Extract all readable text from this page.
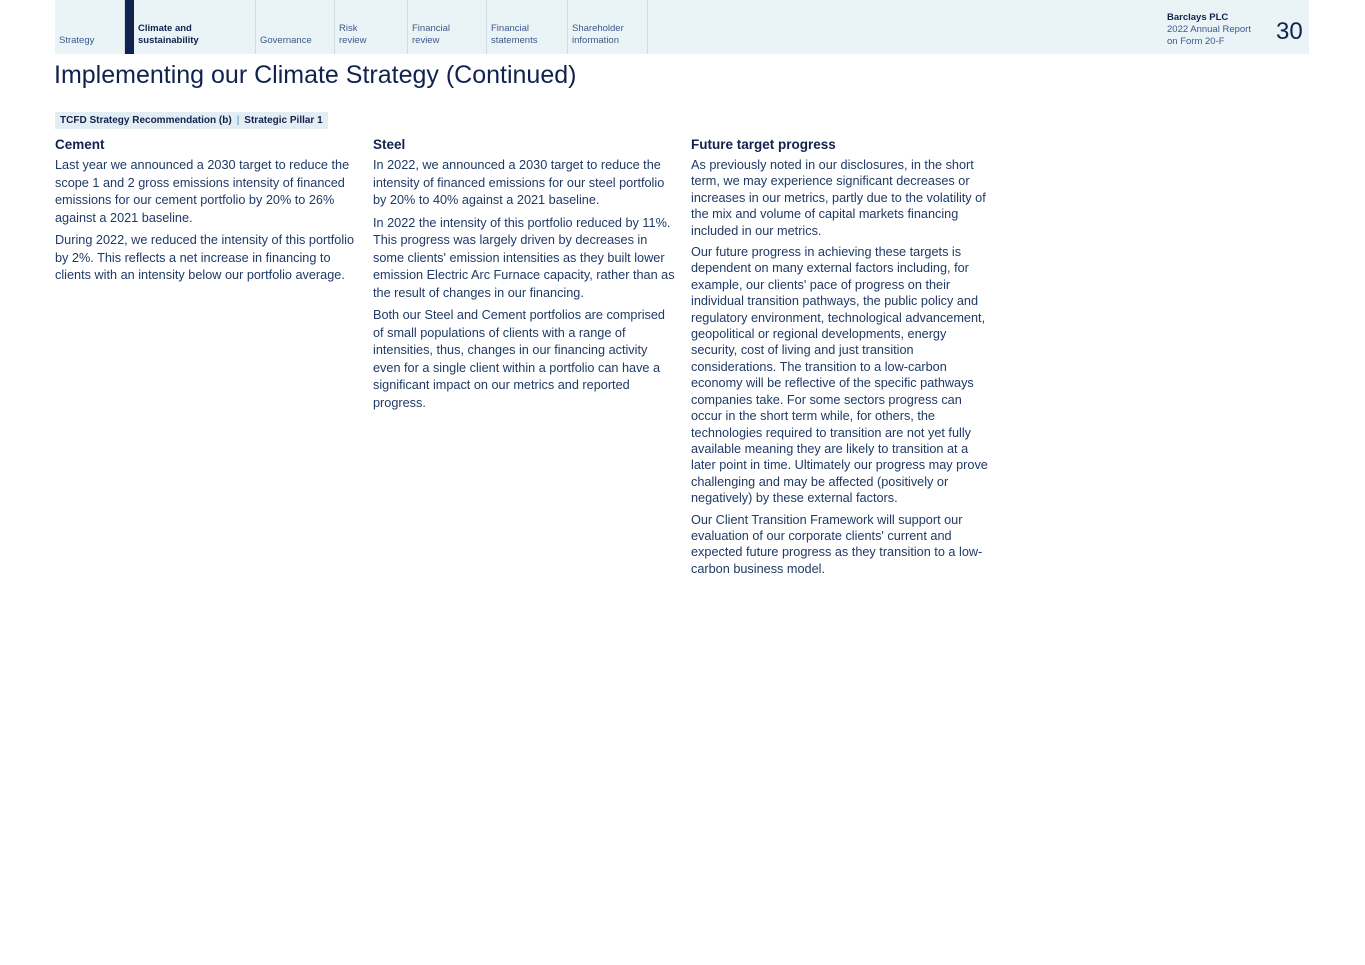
Strategy
Climate and
sustainability	Governance
Risk
review
Financial
review
Financial
statements
Shareholder
information
Barclays PLC
2022 Annual Report
on Form 20-F	30
Implementing our Climate Strategy (Continued)
TCFD Strategy Recommendation (b) | Strategic Pillar 1
Cement

Last year we announced a 2030 target to reduce the scope 1 and 2 gross emissions intensity of financed emissions for our cement portfolio by 20% to 26% against a 2021 baseline.

During 2022, we reduced the intensity of this portfolio by 2%. This reflects a net increase in financing to clients with an intensity below our portfolio average.

Steel

In 2022, we announced a 2030 target to reduce the intensity of financed emissions for our steel portfolio by 20% to 40% against a 2021 baseline.

In 2022 the intensity of this portfolio reduced by 11%. This progress was largely driven by decreases in some clients' emission intensities as they built lower emission Electric Arc Furnace capacity, rather than as the result of changes in our financing.

Both our Steel and Cement portfolios are comprised of small populations of clients with a range of intensities, thus, changes in our financing activity even for a single client within a portfolio can have a significant impact on our metrics and reported progress.

Future target progress

As previously noted in our disclosures, in the short term, we may experience significant decreases or increases in our metrics, partly due to the volatility of the mix and volume of capital markets financing included in our metrics.

Our future progress in achieving these targets is dependent on many external factors including, for example, our clients' pace of progress on their individual transition pathways, the public policy and regulatory environment, technological advancement, geopolitical or regional developments, energy security, cost of living and just transition considerations. The transition to a low-carbon economy will be reflective of the specific pathways companies take. For some sectors progress can occur in the short term while, for others, the technologies required to transition are not yet fully available meaning they are likely to transition at a later point in time. Ultimately our progress may prove challenging and may be affected (positively or negatively) by these external factors.

Our Client Transition Framework will support our evaluation of our corporate clients' current and expected future progress as they transition to a low-carbon business model.
